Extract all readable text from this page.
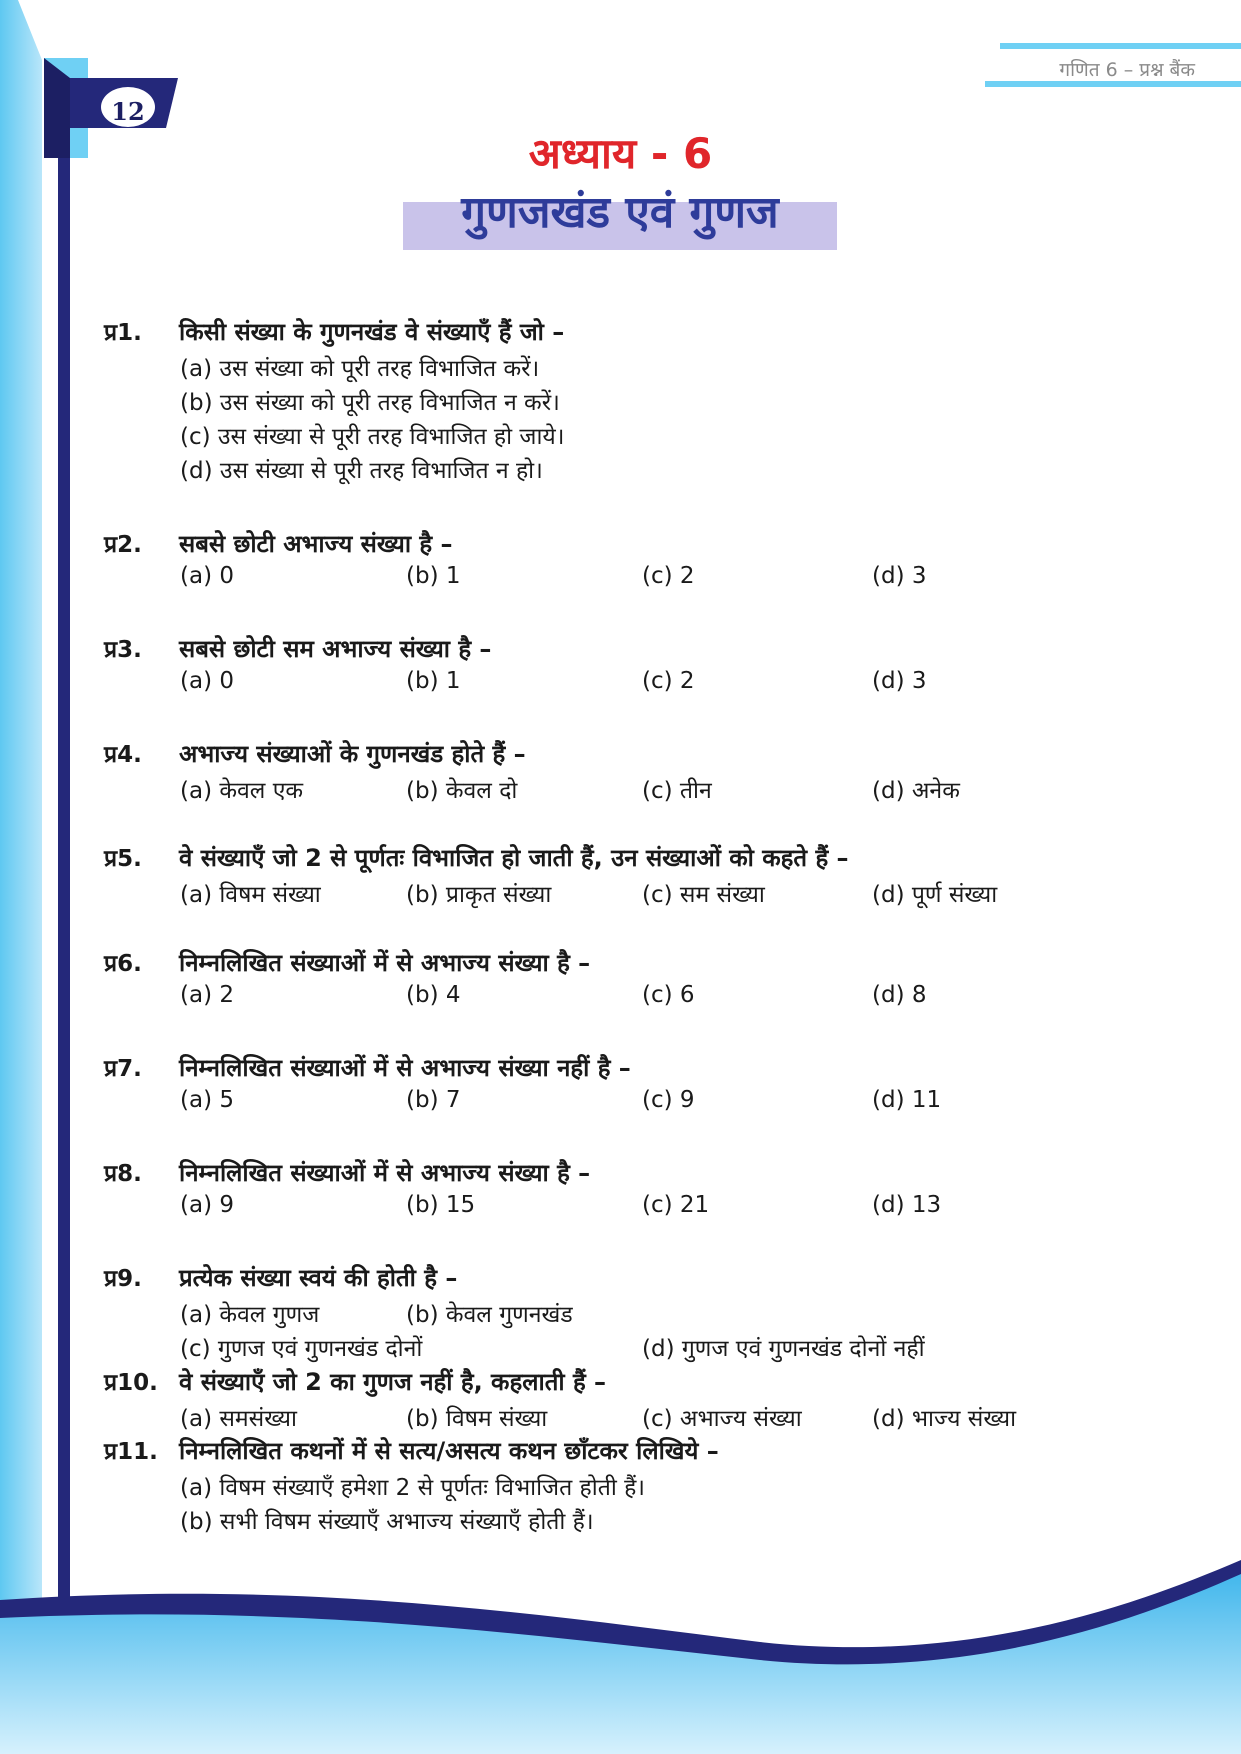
गणित 6 – प्रश्न बैंक
12
अध्याय - 6
गुणजखंड एवं गुणज
प्र1. किसी संख्या के गुणनखंड वे संख्याएँ हैं जो –
(a) उस संख्या को पूरी तरह विभाजित करें।
(b) उस संख्या को पूरी तरह विभाजित न करें।
(c) उस संख्या से पूरी तरह विभाजित हो जाये।
(d) उस संख्या से पूरी तरह विभाजित न हो।
प्र2. सबसे छोटी अभाज्य संख्या है –
(a) 0	(b) 1	(c) 2	(d) 3
प्र3. सबसे छोटी सम अभाज्य संख्या है –
(a) 0	(b) 1	(c) 2	(d) 3
प्र4. अभाज्य संख्याओं के गुणनखंड होते हैं –
(a) केवल एक	(b) केवल दो	(c) तीन	(d) अनेक
प्र5. वे संख्याएँ जो 2 से पूर्णतः विभाजित हो जाती हैं, उन संख्याओं को कहते हैं –
(a) विषम संख्या	(b) प्राकृत संख्या	(c) सम संख्या	(d) पूर्ण संख्या
प्र6. निम्नलिखित संख्याओं में से अभाज्य संख्या है –
(a) 2	(b) 4	(c) 6	(d) 8
प्र7. निम्नलिखित संख्याओं में से अभाज्य संख्या नहीं है –
(a) 5	(b) 7	(c) 9	(d) 11
प्र8. निम्नलिखित संख्याओं में से अभाज्य संख्या है –
(a) 9	(b) 15	(c) 21	(d) 13
प्र9. प्रत्येक संख्या स्वयं की होती है –
(a) केवल गुणज	(b) केवल गुणनखंड
(c) गुणज एवं गुणनखंड दोनों	(d) गुणज एवं गुणनखंड दोनों नहीं
प्र10. वे संख्याएँ जो 2 का गुणज नहीं है, कहलाती हैं –
(a) समसंख्या	(b) विषम संख्या	(c) अभाज्य संख्या	(d) भाज्य संख्या
प्र11. निम्नलिखित कथनों में से सत्य/असत्य कथन छाँटकर लिखिये –
(a) विषम संख्याएँ हमेशा 2 से पूर्णतः विभाजित होती हैं।
(b) सभी विषम संख्याएँ अभाज्य संख्याएँ होती हैं।
